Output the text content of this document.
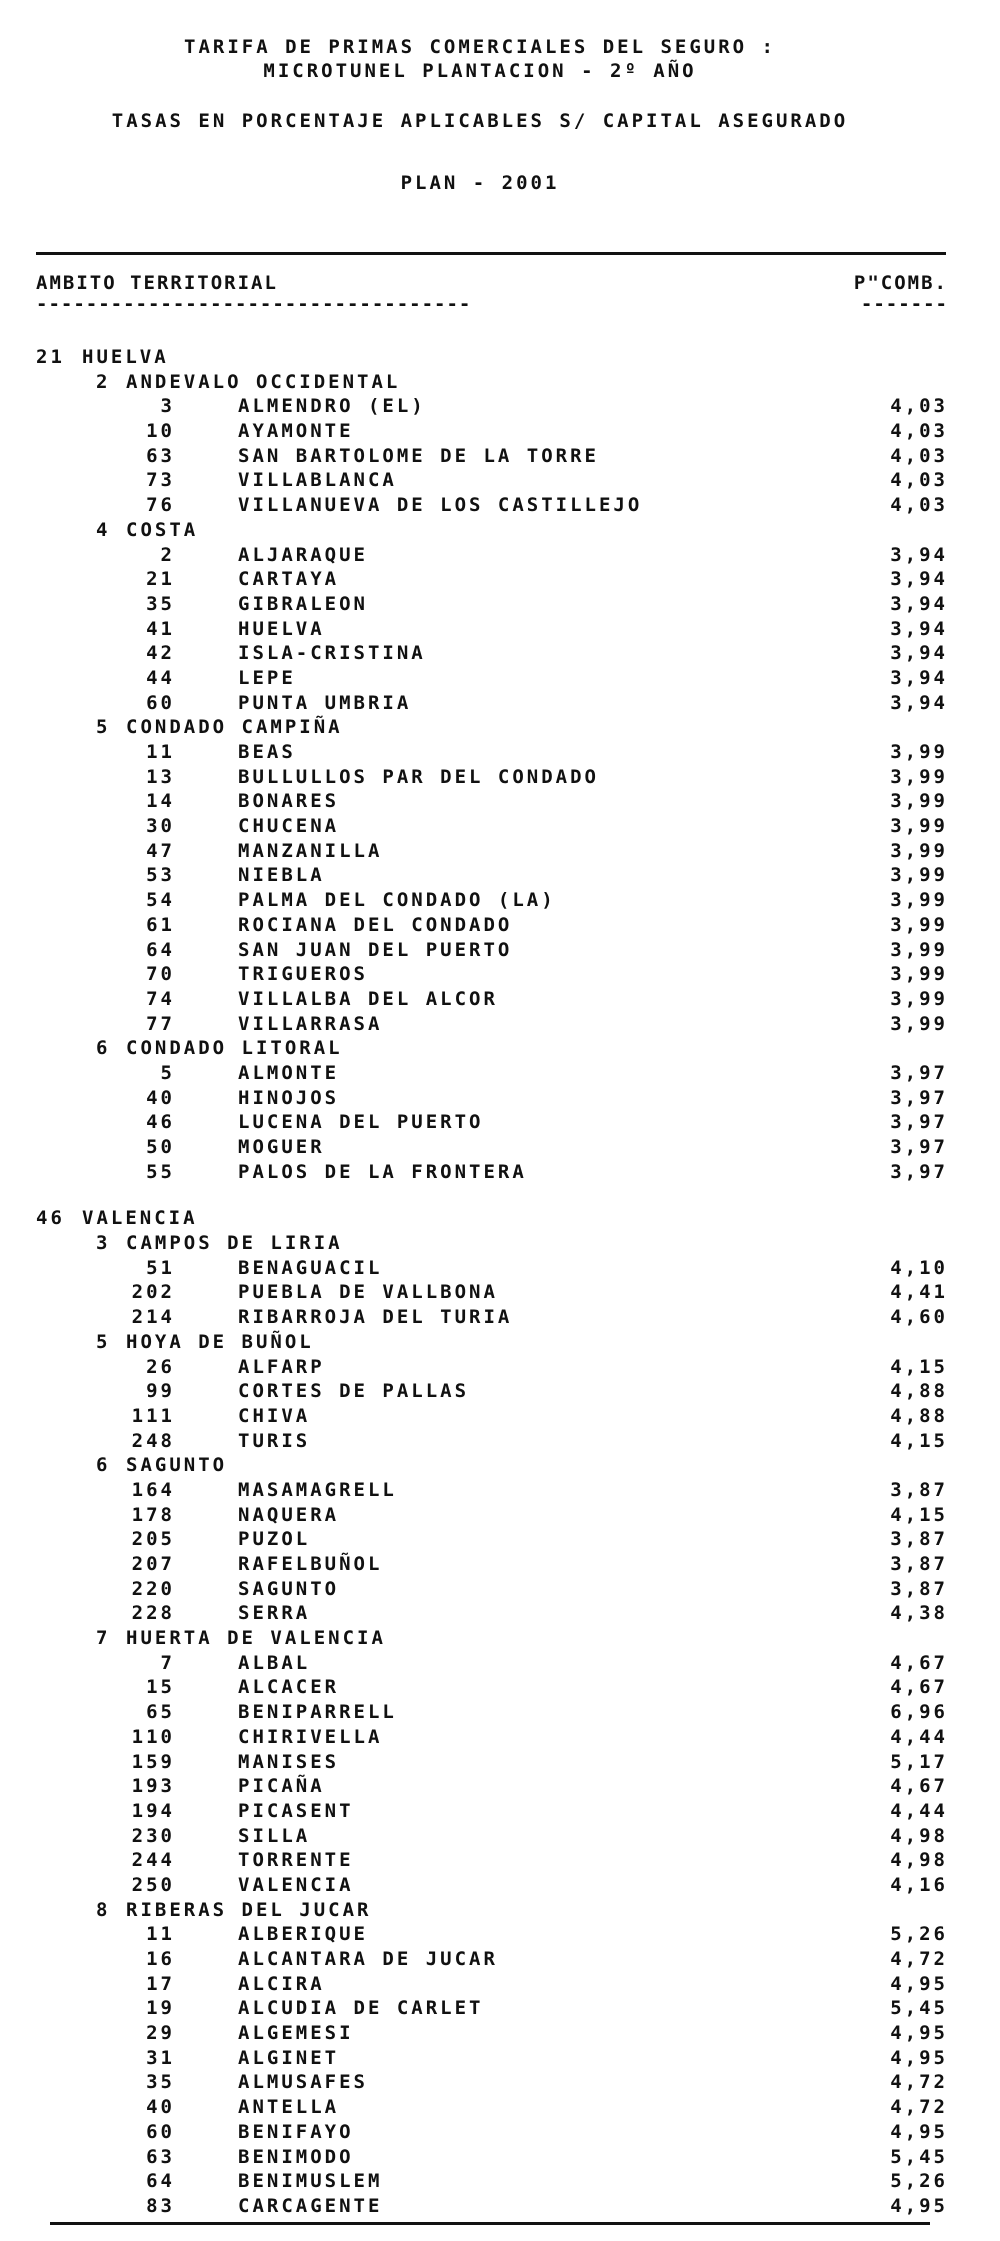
TARIFA DE PRIMAS COMERCIALES DEL SEGURO :
MICROTUNEL PLANTACION - 2º AÑO
TASAS EN PORCENTAJE APLICABLES S/ CAPITAL ASEGURADO
PLAN - 2001
AMBITO TERRITORIAL	P"COMB.
-----------------------------------	-------
21 HUELVA
2 ANDEVALO OCCIDENTAL
3	ALMENDRO (EL)	4,03
10	AYAMONTE	4,03
63	SAN BARTOLOME DE LA TORRE	4,03
73	VILLABLANCA	4,03
76	VILLANUEVA DE LOS CASTILLEJO	4,03
4 COSTA
2	ALJARAQUE	3,94
21	CARTAYA	3,94
35	GIBRALEON	3,94
41	HUELVA	3,94
42	ISLA-CRISTINA	3,94
44	LEPE	3,94
60	PUNTA UMBRIA	3,94
5 CONDADO CAMPIÑA
11	BEAS	3,99
13	BULLULLOS PAR DEL CONDADO	3,99
14	BONARES	3,99
30	CHUCENA	3,99
47	MANZANILLA	3,99
53	NIEBLA	3,99
54	PALMA DEL CONDADO (LA)	3,99
61	ROCIANA DEL CONDADO	3,99
64	SAN JUAN DEL PUERTO	3,99
70	TRIGUEROS	3,99
74	VILLALBA DEL ALCOR	3,99
77	VILLARRASA	3,99
6 CONDADO LITORAL
5	ALMONTE	3,97
40	HINOJOS	3,97
46	LUCENA DEL PUERTO	3,97
50	MOGUER	3,97
55	PALOS DE LA FRONTERA	3,97
46 VALENCIA
3 CAMPOS DE LIRIA
51	BENAGUACIL	4,10
202	PUEBLA DE VALLBONA	4,41
214	RIBARROJA DEL TURIA	4,60
5 HOYA DE BUÑOL
26	ALFARP	4,15
99	CORTES DE PALLAS	4,88
111	CHIVA	4,88
248	TURIS	4,15
6 SAGUNTO
164	MASAMAGRELL	3,87
178	NAQUERA	4,15
205	PUZOL	3,87
207	RAFELBUÑOL	3,87
220	SAGUNTO	3,87
228	SERRA	4,38
7 HUERTA DE VALENCIA
7	ALBAL	4,67
15	ALCACER	4,67
65	BENIPARRELL	6,96
110	CHIRIVELLA	4,44
159	MANISES	5,17
193	PICAÑA	4,67
194	PICASENT	4,44
230	SILLA	4,98
244	TORRENTE	4,98
250	VALENCIA	4,16
8 RIBERAS DEL JUCAR
11	ALBERIQUE	5,26
16	ALCANTARA DE JUCAR	4,72
17	ALCIRA	4,95
19	ALCUDIA DE CARLET	5,45
29	ALGEMESI	4,95
31	ALGINET	4,95
35	ALMUSAFES	4,72
40	ANTELLA	4,72
60	BENIFAYO	4,95
63	BENIMODO	5,45
64	BENIMUSLEM	5,26
83	CARCAGENTE	4,95
